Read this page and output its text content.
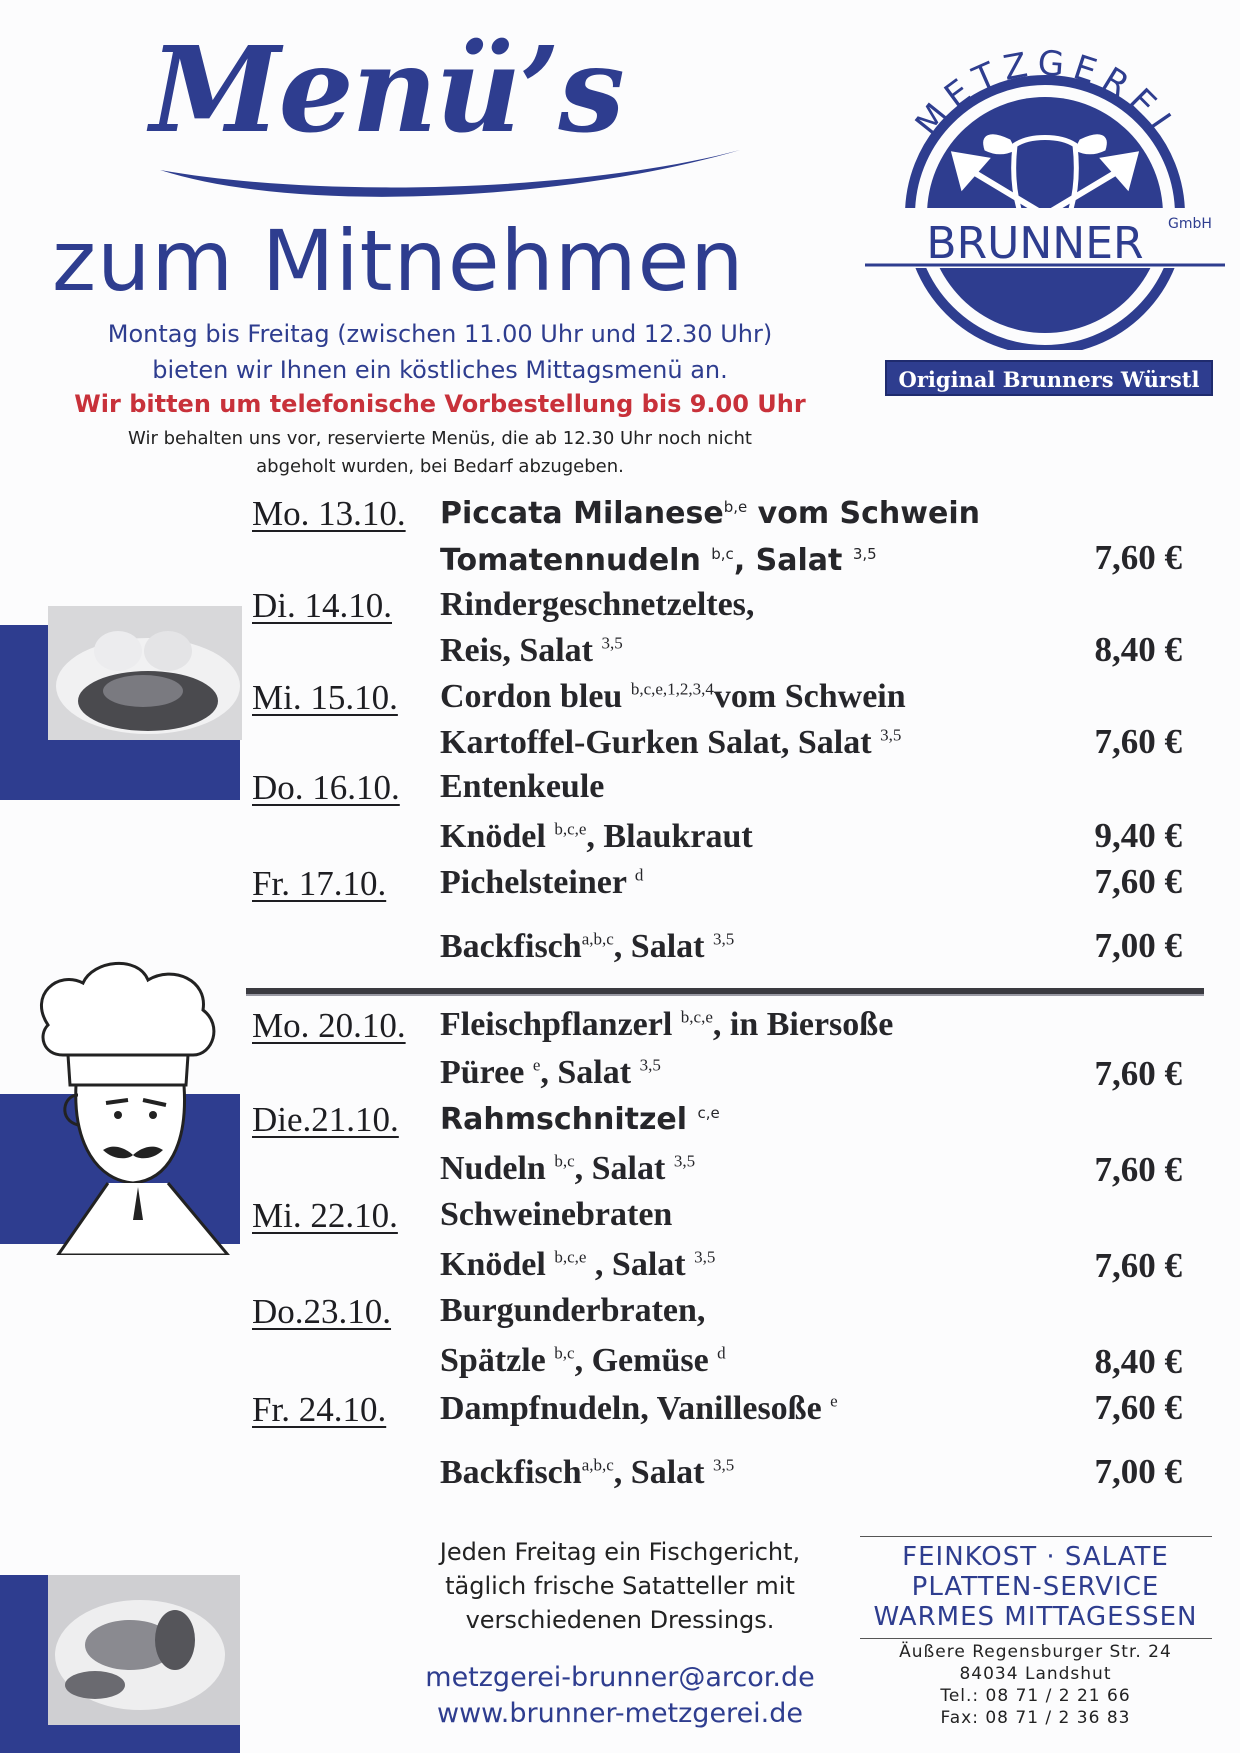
Menü’s
zum Mitnehmen
Montag bis Freitag (zwischen 11.00 Uhr und 12.30 Uhr)
bieten wir Ihnen ein köstliches Mittagsmenü an.
Wir bitten um telefonische Vorbestellung bis 9.00 Uhr
Wir behalten uns vor, reservierte Menüs, die ab 12.30 Uhr noch nicht
abgeholt wurden, bei Bedarf abzugeben.
METZGEREI
BRUNNER GmbH
Original Brunners Würstl
Mo. 13.10. Piccata Milanese$^{b,e}$ vom Schwein
Tomatennudeln $^{b,c}$, Salat $^{3,5}$	7,60 €
Di. 14.10. Rindergeschnetzeltes,
Reis, Salat $^{3,5}$	8,40 €
Mi. 15.10. Cordon bleu $^{b,c,e,1,2,3,4}$vom Schwein
Kartoffel-Gurken Salat, Salat $^{3,5}$	7,60 €
Do. 16.10. Entenkeule
Knödel $^{b,c,e}$, Blaukraut	9,40 €
Fr. 17.10. Pichelsteiner $^d$	7,60 €
Backfisch$^{a,b,c}$, Salat $^{3,5}$	7,00 €
Mo. 20.10. Fleischpflanzerl $^{b,c,e}$, in Biersoße
Püree $^e$, Salat $^{3,5}$	7,60 €
Die.21.10. Rahmschnitzel $^{c,e}$
Nudeln $^{b,c}$, Salat $^{3,5}$	7,60 €
Mi. 22.10. Schweinebraten
Knödel $^{b,c,e}$ , Salat $^{3,5}$	7,60 €
Do.23.10. Burgunderbraten,
Spätzle $^{b,c}$, Gemüse $^d$	8,40 €
Fr. 24.10. Dampfnudeln, Vanillesoße $^e$	7,60 €
Backfisch$^{a,b,c}$, Salat $^{3,5}$	7,00 €
Jeden Freitag ein Fischgericht,
täglich frische Satatteller mit
verschiedenen Dressings.
metzgerei-brunner@arcor.de
www.brunner-metzgerei.de
FEINKOST · SALATE
PLATTEN-SERVICE
WARMES MITTAGESSEN
Äußere Regensburger Str. 24
84034 Landshut
Tel.: 08 71 / 2 21 66
Fax: 08 71 / 2 36 83
